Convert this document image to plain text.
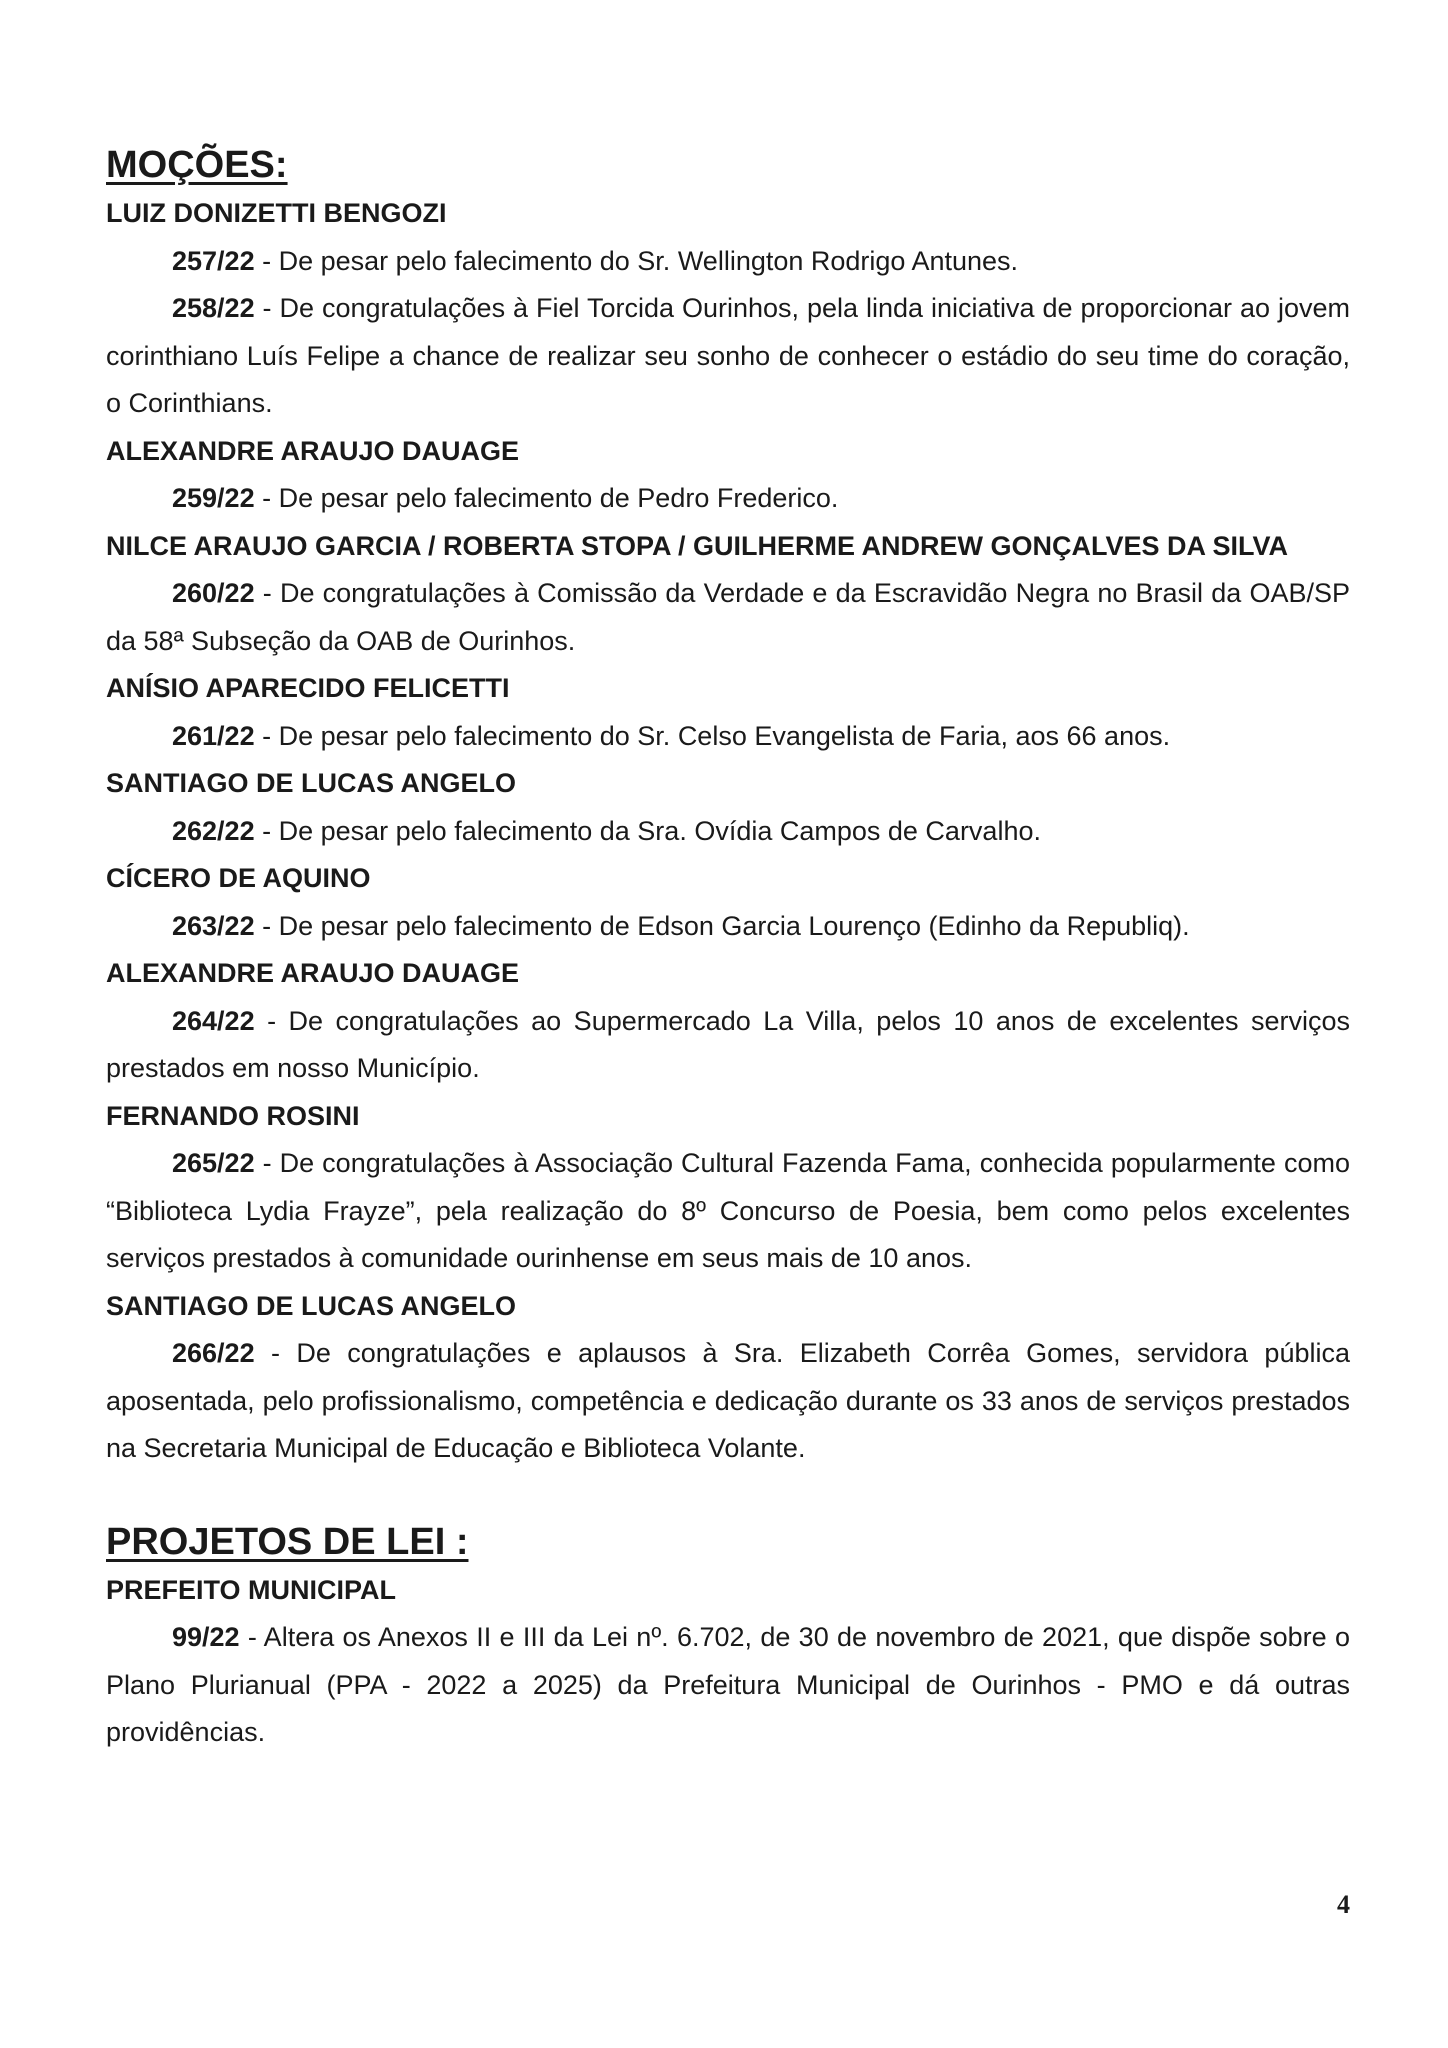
MOÇÕES:

LUIZ DONIZETTI BENGOZI

257/22 - De pesar pelo falecimento do Sr. Wellington Rodrigo Antunes.

258/22 - De congratulações à Fiel Torcida Ourinhos, pela linda iniciativa de proporcionar ao jovem corinthiano Luís Felipe a chance de realizar seu sonho de conhecer o estádio do seu time do coração, o Corinthians.

ALEXANDRE ARAUJO DAUAGE

259/22 - De pesar pelo falecimento de Pedro Frederico.

NILCE ARAUJO GARCIA / ROBERTA STOPA / GUILHERME ANDREW GONÇALVES DA SILVA

260/22 - De congratulações à Comissão da Verdade e da Escravidão Negra no Brasil da OAB/SP da 58ª Subseção da OAB de Ourinhos.

ANÍSIO APARECIDO FELICETTI

261/22 - De pesar pelo falecimento do Sr. Celso Evangelista de Faria, aos 66 anos.

SANTIAGO DE LUCAS ANGELO

262/22 - De pesar pelo falecimento da Sra. Ovídia Campos de Carvalho.

CÍCERO DE AQUINO

263/22 - De pesar pelo falecimento de Edson Garcia Lourenço (Edinho da Republiq).

ALEXANDRE ARAUJO DAUAGE

264/22 - De congratulações ao Supermercado La Villa, pelos 10 anos de excelentes serviços prestados em nosso Município.

FERNANDO ROSINI

265/22 - De congratulações à Associação Cultural Fazenda Fama, conhecida popularmente como “Biblioteca Lydia Frayze”, pela realização do 8º Concurso de Poesia, bem como pelos excelentes serviços prestados à comunidade ourinhense em seus mais de 10 anos.

SANTIAGO DE LUCAS ANGELO

266/22 - De congratulações e aplausos à Sra. Elizabeth Corrêa Gomes, servidora pública aposentada, pelo profissionalismo, competência e dedicação durante os 33 anos de serviços prestados na Secretaria Municipal de Educação e Biblioteca Volante.

PROJETOS DE LEI :

PREFEITO MUNICIPAL

99/22 - Altera os Anexos II e III da Lei nº. 6.702, de 30 de novembro de 2021, que dispõe sobre o Plano Plurianual (PPA - 2022 a 2025) da Prefeitura Municipal de Ourinhos - PMO e dá outras providências.

4
